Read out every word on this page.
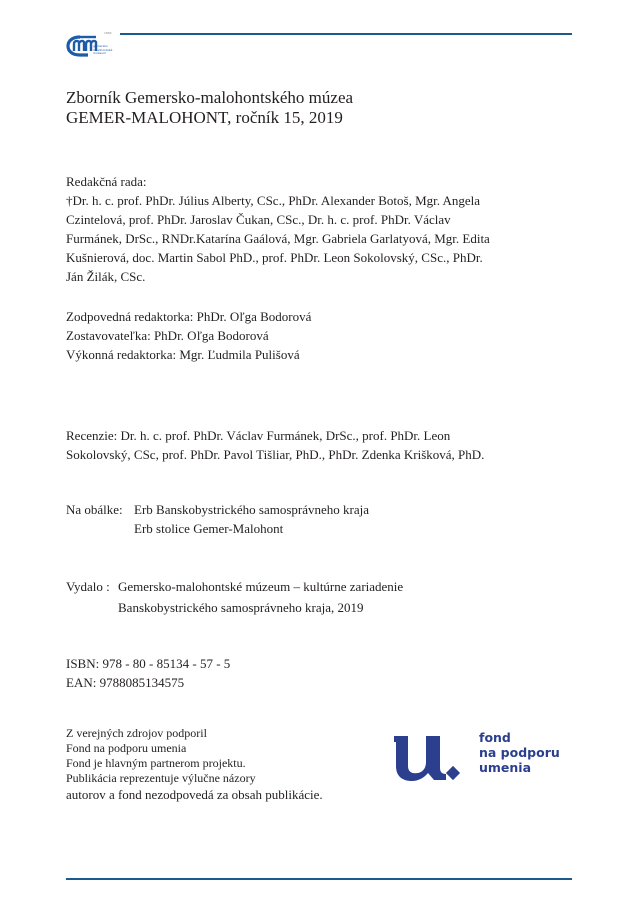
1882
gemersko
malohontské
múzeum
Zborník Gemersko-malohontského múzea
GEMER-MALOHONT, ročník 15, 2019
Redakčná rada:
†Dr. h. c. prof. PhDr. Július Alberty, CSc., PhDr. Alexander Botoš, Mgr. Angela
Czintelová, prof. PhDr. Jaroslav Čukan, CSc., Dr. h. c. prof. PhDr. Václav
Furmánek, DrSc., RNDr.Katarína Gaálová, Mgr. Gabriela Garlatyová, Mgr. Edita
Kušnierová, doc. Martin Sabol PhD., prof. PhDr. Leon Sokolovský, CSc., PhDr.
Ján Žilák, CSc.
Zodpovedná redaktorka: PhDr. Oľga Bodorová
Zostavovateľka: PhDr. Oľga Bodorová
Výkonná redaktorka: Mgr. Ľudmila Pulišová
Recenzie: Dr. h. c. prof. PhDr. Václav Furmánek, DrSc., prof. PhDr. Leon
Sokolovský, CSc, prof. PhDr. Pavol Tišliar, PhD., PhDr. Zdenka Krišková, PhD.
Na obálke: Erb Banskobystrického samosprávneho kraja
Erb stolice Gemer-Malohont
Vydalo : Gemersko-malohontské múzeum – kultúrne zariadenie
Banskobystrického samosprávneho kraja, 2019
ISBN: 978 - 80 - 85134 - 57 - 5
EAN: 9788085134575
Z verejných zdrojov podporil
Fond na podporu umenia
Fond je hlavným partnerom projektu.
Publikácia reprezentuje výlučne názory
autorov a fond nezodpovedá za obsah publikácie.
fond
na podporu
umenia
